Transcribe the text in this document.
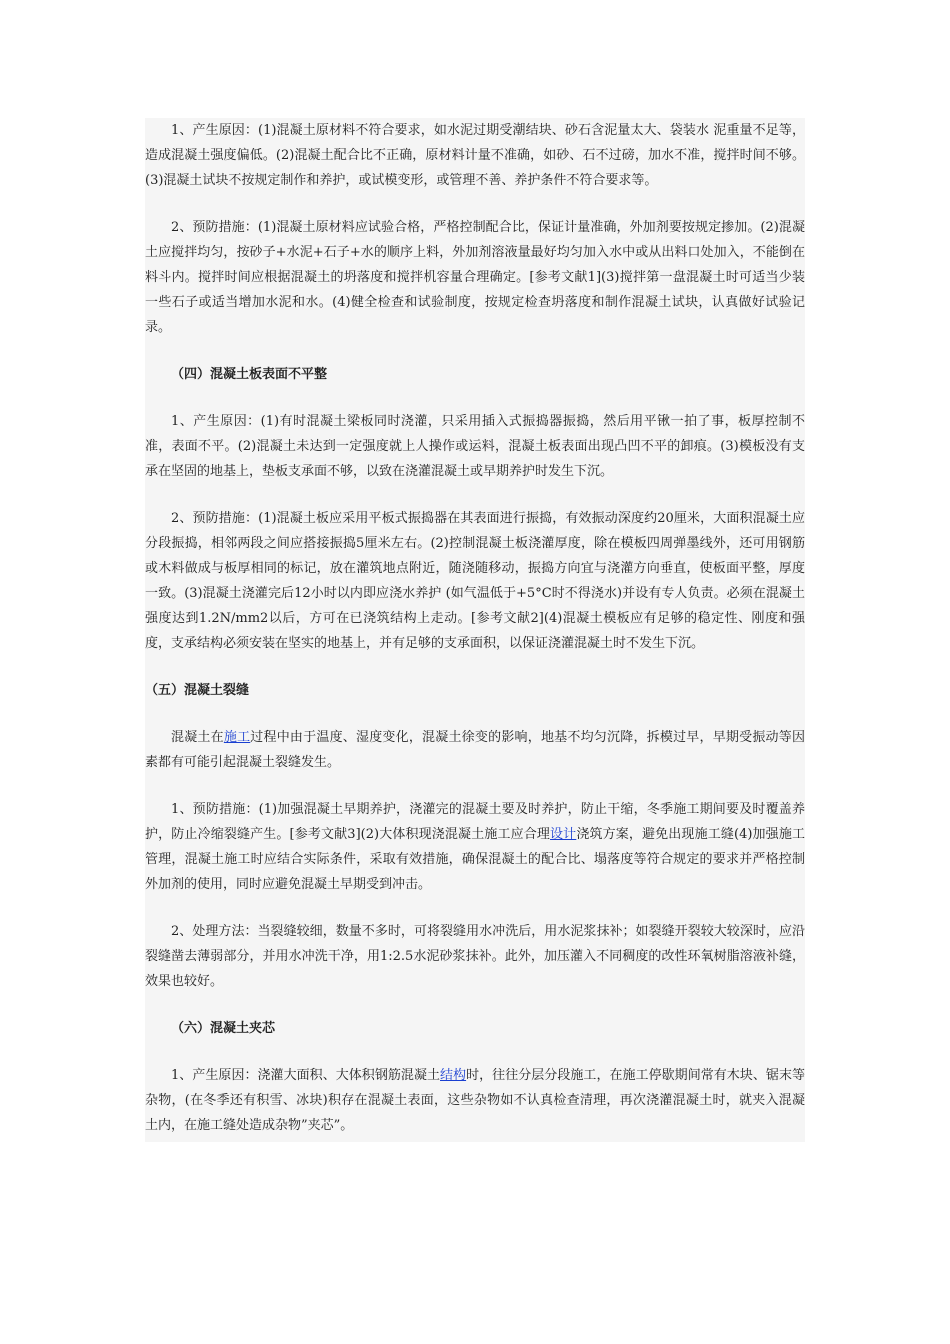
1、产生原因：(1)混凝土原材料不符合要求，如水泥过期受潮结块、砂石含泥量太大、袋装水 泥重量不足等，造成混凝土强度偏低。(2)混凝土配合比不正确，原材料计量不准确，如砂、石不过磅，加水不准，搅拌时间不够。(3)混凝土试块不按规定制作和养护，或试模变形，或管理不善、养护条件不符合要求等。

2、预防措施：(1)混凝土原材料应试验合格，严格控制配合比，保证计量准确，外加剂要按规定掺加。(2)混凝土应搅拌均匀，按砂子+水泥+石子+水的顺序上料，外加剂溶液量最好均匀加入水中或从出料口处加入，不能倒在料斗内。搅拌时间应根据混凝土的坍落度和搅拌机容量合理确定。[参考文献1](3)搅拌第一盘混凝土时可适当少装一些石子或适当增加水泥和水。(4)健全检查和试验制度，按规定检查坍落度和制作混凝土试块，认真做好试验记录。

（四）混凝土板表面不平整

1、产生原因：(1)有时混凝土梁板同时浇灌，只采用插入式振捣器振捣，然后用平锹一拍了事，板厚控制不准，表面不平。(2)混凝土未达到一定强度就上人操作或运料，混凝土板表面出现凸凹不平的卸痕。(3)模板没有支承在坚固的地基上，垫板支承面不够，以致在浇灌混凝土或早期养护时发生下沉。

2、预防措施：(1)混凝土板应采用平板式振捣器在其表面进行振捣，有效振动深度约20厘米，大面积混凝土应分段振捣，相邻两段之间应搭接振捣5厘米左右。(2)控制混凝土板浇灌厚度，除在模板四周弹墨线外，还可用钢筋或木料做成与板厚相同的标记，放在灌筑地点附近，随浇随移动，振捣方向宜与浇灌方向垂直，使板面平整，厚度一致。(3)混凝土浇灌完后12小时以内即应浇水养护 (如气温低于+5°C时不得浇水)并设有专人负责。必须在混凝土强度达到1.2N/mm2以后，方可在已浇筑结构上走动。[参考文献2](4)混凝土模板应有足够的稳定性、刚度和强度，支承结构必须安装在坚实的地基上，并有足够的支承面积，以保证浇灌混凝土时不发生下沉。

（五）混凝土裂缝

混凝土在施工过程中由于温度、湿度变化，混凝土徐变的影响，地基不均匀沉降，拆模过早，早期受振动等因素都有可能引起混凝土裂缝发生。

1、预防措施：(1)加强混凝土早期养护，浇灌完的混凝土要及时养护，防止干缩，冬季施工期间要及时覆盖养护，防止冷缩裂缝产生。[参考文献3](2)大体积现浇混凝土施工应合理设计浇筑方案，避免出现施工缝(4)加强施工管理，混凝土施工时应结合实际条件，采取有效措施，确保混凝土的配合比、塌落度等符合规定的要求并严格控制外加剂的使用，同时应避免混凝土早期受到冲击。

2、处理方法：当裂缝较细，数量不多时，可将裂缝用水冲洗后，用水泥浆抹补；如裂缝开裂较大较深时，应沿裂缝凿去薄弱部分，并用水冲洗干净，用1:2.5水泥砂浆抹补。此外，加压灌入不同稠度的改性环氧树脂溶液补缝，效果也较好。

（六）混凝土夹芯

1、产生原因：浇灌大面积、大体积钢筋混凝土结构时，往往分层分段施工，在施工停歇期间常有木块、锯末等杂物，(在冬季还有积雪、冰块)积存在混凝土表面，这些杂物如不认真检查清理，再次浇灌混凝土时，就夹入混凝土内，在施工缝处造成杂物”夹芯”。
